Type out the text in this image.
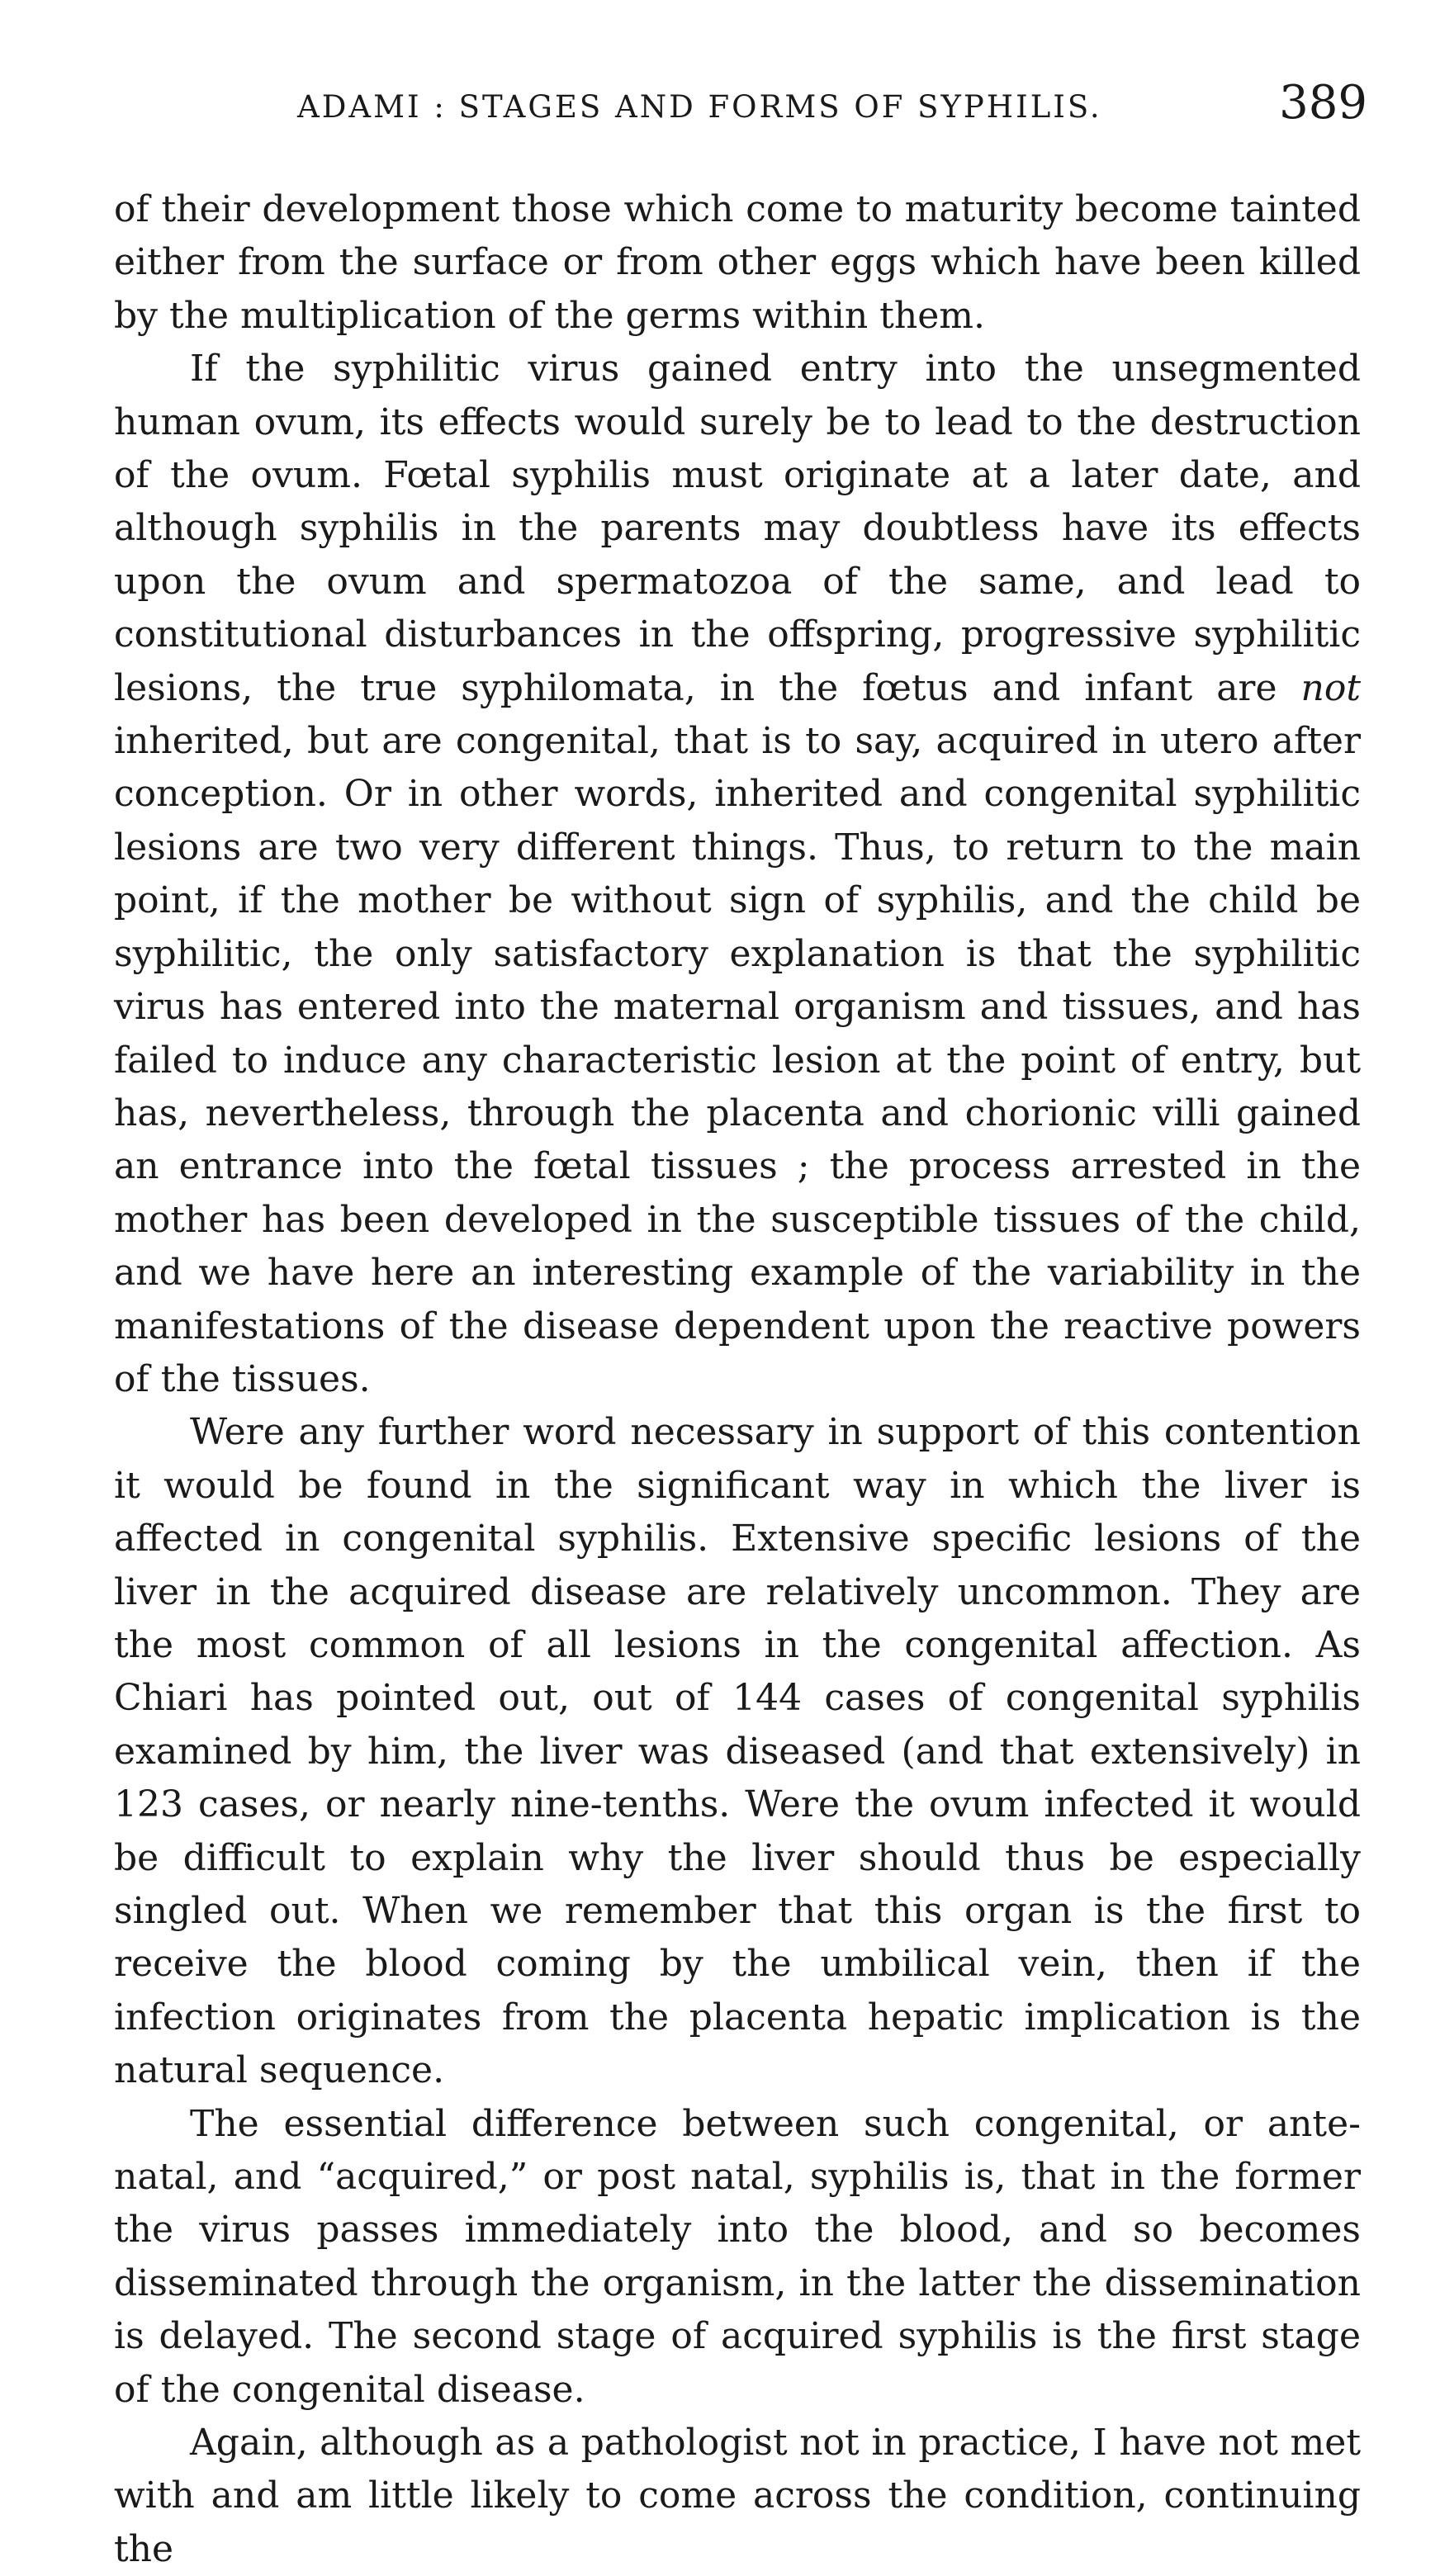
ADAMI : STAGES AND FORMS OF SYPHILIS.	389

of their development those which come to maturity become tainted either from the surface or from other eggs which have been killed by the multiplication of the germs within them.

If the syphilitic virus gained entry into the unsegmented human ovum, its effects would surely be to lead to the destruction of the ovum. Fœtal syphilis must originate at a later date, and although syphilis in the parents may doubtless have its effects upon the ovum and spermatozoa of the same, and lead to constitutional disturbances in the offspring, progressive syphilitic lesions, the true syphilomata, in the fœtus and infant are not inherited, but are congenital, that is to say, acquired in utero after conception. Or in other words, inherited and congenital syphilitic lesions are two very different things. Thus, to return to the main point, if the mother be without sign of syphilis, and the child be syphilitic, the only satisfactory explanation is that the syphilitic virus has entered into the maternal organism and tissues, and has failed to induce any characteristic lesion at the point of entry, but has, nevertheless, through the placenta and chorionic villi gained an entrance into the fœtal tissues ; the process arrested in the mother has been developed in the susceptible tissues of the child, and we have here an interesting example of the variability in the manifestations of the disease dependent upon the reactive powers of the tissues.

Were any further word necessary in support of this contention it would be found in the significant way in which the liver is affected in congenital syphilis. Extensive specific lesions of the liver in the acquired disease are relatively uncommon. They are the most common of all lesions in the congenital affection. As Chiari has pointed out, out of 144 cases of congenital syphilis examined by him, the liver was diseased (and that extensively) in 123 cases, or nearly nine-tenths. Were the ovum infected it would be difficult to explain why the liver should thus be especially singled out. When we remember that this organ is the first to receive the blood coming by the umbilical vein, then if the infection originates from the placenta hepatic implication is the natural sequence.

The essential difference between such congenital, or ante-natal, and “acquired,” or post natal, syphilis is, that in the former the virus passes immediately into the blood, and so becomes disseminated through the organism, in the latter the dissemination is delayed. The second stage of acquired syphilis is the first stage of the congenital disease.

Again, although as a pathologist not in practice, I have not met with and am little likely to come across the condition, continuing the
